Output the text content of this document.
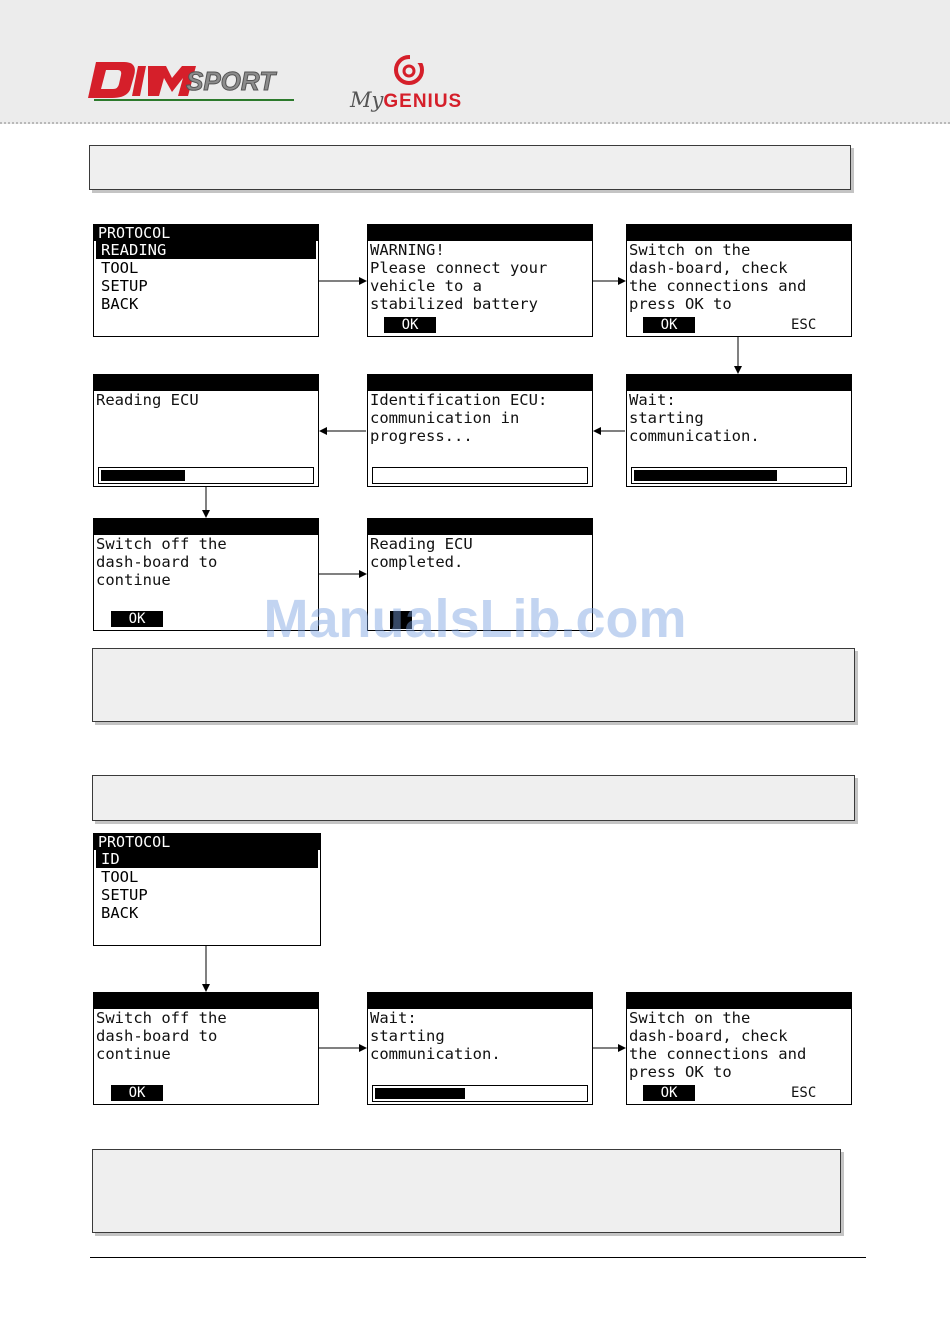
SPORT
MyGENIUS
PROTOCOL
READING
TOOL
SETUP
BACK
WARNING!
Please connect your
vehicle to a
stabilized battery
OK
Switch on the
dash-board, check
the connections and
press OK to
OK	ESC
Wait:
starting
communication.
Identification ECU:
communication in
progress...
Reading ECU
Switch off the
dash-board to
continue
OK
Reading ECU
completed.
PROTOCOL
ID
TOOL
SETUP
BACK
Switch off the
dash-board to
continue
OK
Wait:
starting
communication.
Switch on the
dash-board, check
the connections and
press OK to
OK	ESC
ManualsLib.com
